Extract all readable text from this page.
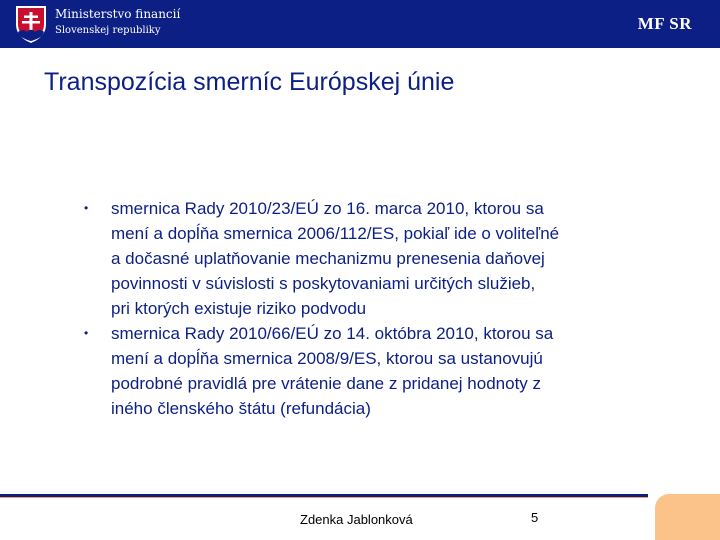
Ministerstvo financií
Slovenskej republiky	MF SR
Transpozícia smerníc Európskej únie
• smernica Rady 2010/23/EÚ zo 16. marca 2010, ktorou sa
mení a dopĺňa smernica 2006/112/ES, pokiaľ ide o voliteľné
a dočasné uplatňovanie mechanizmu prenesenia daňovej
povinnosti v súvislosti s poskytovaniami určitých služieb,
pri ktorých existuje riziko podvodu
• smernica Rady 2010/66/EÚ zo 14. októbra 2010, ktorou sa
mení a dopĺňa smernica 2008/9/ES, ktorou sa ustanovujú
podrobné pravidlá pre vrátenie dane z pridanej hodnoty z
iného členského štátu (refundácia)
Zdenka Jablonková	5
